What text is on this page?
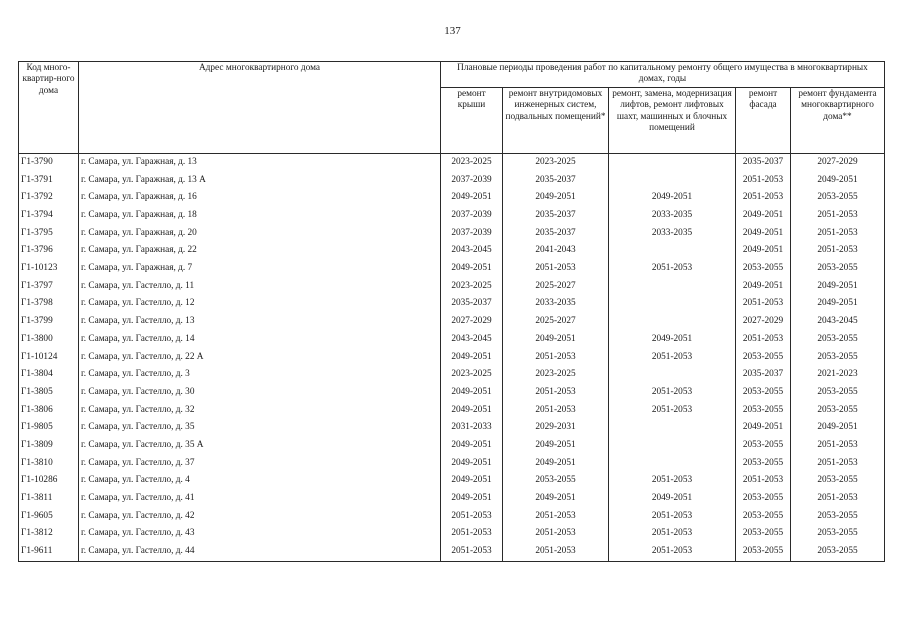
137
Код много-квартир-ного дома	Адрес многоквартирного дома	Плановые периоды проведения работ по капитальному ремонту общего имущества в многоквартирных домах, годы				
		ремонт крыши	ремонт внутридомовых инженерных систем, подвальных помещений*	ремонт, замена, модернизация лифтов, ремонт лифтовых шахт, машинных и блочных помещений	ремонт фасада	ремонт фундамента многоквартирного дома**
Г1-3790	г. Самара, ул. Гаражная, д. 13	2023-2025	2023-2025		2035-2037	2027-2029
Г1-3791	г. Самара, ул. Гаражная, д. 13 А	2037-2039	2035-2037		2051-2053	2049-2051
Г1-3792	г. Самара, ул. Гаражная, д. 16	2049-2051	2049-2051	2049-2051	2051-2053	2053-2055
Г1-3794	г. Самара, ул. Гаражная, д. 18	2037-2039	2035-2037	2033-2035	2049-2051	2051-2053
Г1-3795	г. Самара, ул. Гаражная, д. 20	2037-2039	2035-2037	2033-2035	2049-2051	2051-2053
Г1-3796	г. Самара, ул. Гаражная, д. 22	2043-2045	2041-2043		2049-2051	2051-2053
Г1-10123	г. Самара, ул. Гаражная, д. 7	2049-2051	2051-2053	2051-2053	2053-2055	2053-2055
Г1-3797	г. Самара, ул. Гастелло, д. 11	2023-2025	2025-2027		2049-2051	2049-2051
Г1-3798	г. Самара, ул. Гастелло, д. 12	2035-2037	2033-2035		2051-2053	2049-2051
Г1-3799	г. Самара, ул. Гастелло, д. 13	2027-2029	2025-2027		2027-2029	2043-2045
Г1-3800	г. Самара, ул. Гастелло, д. 14	2043-2045	2049-2051	2049-2051	2051-2053	2053-2055
Г1-10124	г. Самара, ул. Гастелло, д. 22 А	2049-2051	2051-2053	2051-2053	2053-2055	2053-2055
Г1-3804	г. Самара, ул. Гастелло, д. 3	2023-2025	2023-2025		2035-2037	2021-2023
Г1-3805	г. Самара, ул. Гастелло, д. 30	2049-2051	2051-2053	2051-2053	2053-2055	2053-2055
Г1-3806	г. Самара, ул. Гастелло, д. 32	2049-2051	2051-2053	2051-2053	2053-2055	2053-2055
Г1-9805	г. Самара, ул. Гастелло, д. 35	2031-2033	2029-2031		2049-2051	2049-2051
Г1-3809	г. Самара, ул. Гастелло, д. 35 А	2049-2051	2049-2051		2053-2055	2051-2053
Г1-3810	г. Самара, ул. Гастелло, д. 37	2049-2051	2049-2051		2053-2055	2051-2053
Г1-10286	г. Самара, ул. Гастелло, д. 4	2049-2051	2053-2055	2051-2053	2051-2053	2053-2055
Г1-3811	г. Самара, ул. Гастелло, д. 41	2049-2051	2049-2051	2049-2051	2053-2055	2051-2053
Г1-9605	г. Самара, ул. Гастелло, д. 42	2051-2053	2051-2053	2051-2053	2053-2055	2053-2055
Г1-3812	г. Самара, ул. Гастелло, д. 43	2051-2053	2051-2053	2051-2053	2053-2055	2053-2055
Г1-9611	г. Самара, ул. Гастелло, д. 44	2051-2053	2051-2053	2051-2053	2053-2055	2053-2055
